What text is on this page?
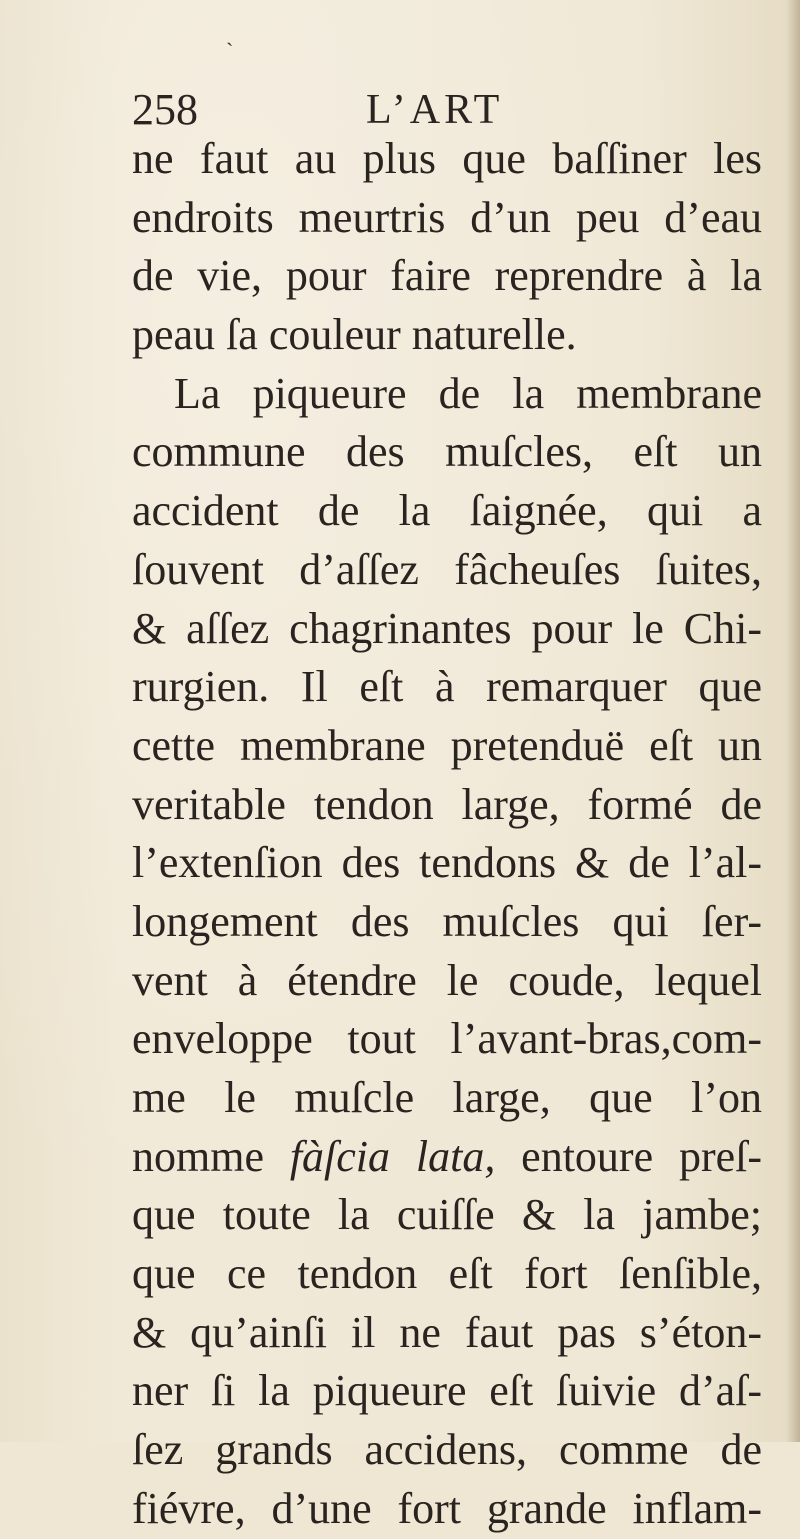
ˏ
258	L’ART
ne faut au plus que baſſiner les
endroits meurtris d’un peu d’eau
de vie, pour faire reprendre à la
peau ſa couleur naturelle.
La piqueure de la membrane
commune des muſcles, eſt un
accident de la ſaignée, qui a
ſouvent d’aſſez fâcheuſes ſuites,
& aſſez chagrinantes pour le Chi-
rurgien. Il eſt à remarquer que
cette membrane pretenduë eſt un
veritable tendon large, formé de
l’extenſion des tendons & de l’al-
longement des muſcles qui ſer-
vent à étendre le coude, lequel
enveloppe tout l’avant-bras,com-
me le muſcle large, que l’on
nomme fàſcia lata, entoure preſ-
que toute la cuiſſe & la jambe;
que ce tendon eſt fort ſenſible,
& qu’ainſi il ne faut pas s’éton-
ner ſi la piqueure eſt ſuivie d’aſ-
ſez grands accidens, comme de
fiévre, d’une fort grande inflam-
